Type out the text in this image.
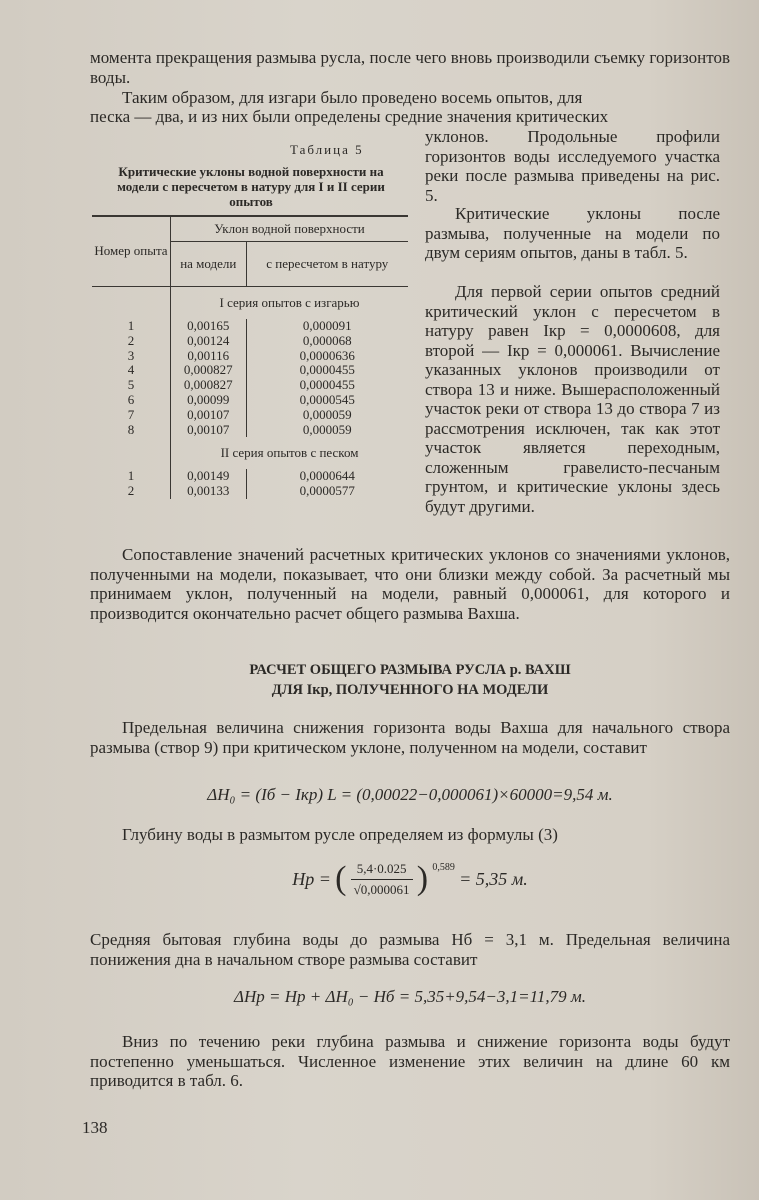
момента прекращения размыва русла, после чего вновь производили съемку горизонтов воды.

Таким образом, для изгари было проведено восемь опытов, для

песка — два, и из них были определены средние значения критических

Таблица 5
Критические уклоны водной поверхности на модели с пересчетом в натуру для I и II серии опытов
Номер опыта	Уклон водной поверхности	
	на модели	с пересчетом в натуру
	I серия опытов с изгарью	
1	0,00165	0,000091
2	0,00124	0,000068
3	0,00116	0,0000636
4	0,000827	0,0000455
5	0,000827	0,0000455
6	0,00099	0,0000545
7	0,00107	0,000059
8	0,00107	0,000059
	II серия опытов с песком	
1	0,00149	0,0000644
2	0,00133	0,0000577

уклонов. Продольные профили горизонтов воды исследуемого участка реки после размыва приведены на рис. 5.

Критические уклоны после размыва, полученные на модели по двум сериям опытов, даны в табл. 5.

Для первой серии опытов средний критический уклон с пересчетом в натуру равен Iкр = 0,0000608, для второй — Iкр = 0,000061. Вычисление указанных уклонов производили от створа 13 и ниже. Вышерасположенный участок реки от створа 13 до створа 7 из рассмотрения исключен, так как этот участок является переходным, сложенным гравелисто-песчаным грунтом, и критические уклоны здесь будут другими.

Сопоставление значений расчетных критических уклонов со значениями уклонов, полученными на модели, показывает, что они близки между собой. За расчетный мы принимаем уклон, полученный на модели, равный 0,000061, для которого и производится окончательно расчет общего размыва Вахша.

РАСЧЕТ ОБЩЕГО РАЗМЫВА РУСЛА р. ВАХШ
ДЛЯ Iкр, ПОЛУЧЕННОГО НА МОДЕЛИ

Предельная величина снижения горизонта воды Вахша для начального створа размыва (створ 9) при критическом уклоне, полученном на модели, составит

ΔH₀ = (Iб − Iкр) L = (0,00022−0,000061)×60000=9,54 м.

Глубину воды в размытом русле определяем из формулы (3)

Hр = ( $\frac{5,4\cdot 0.025}{√0,000061}$ ) 0,589 = 5,35 м.

Средняя бытовая глубина воды до размыва Hб = 3,1 м. Предельная величина понижения дна в начальном створе размыва составит

ΔHр = Hр + ΔH₀ − Hб = 5,35+9,54−3,1=11,79 м.

Вниз по течению реки глубина размыва и снижение горизонта воды будут постепенно уменьшаться. Численное изменение этих величин на длине 60 км приводится в табл. 6.

138
